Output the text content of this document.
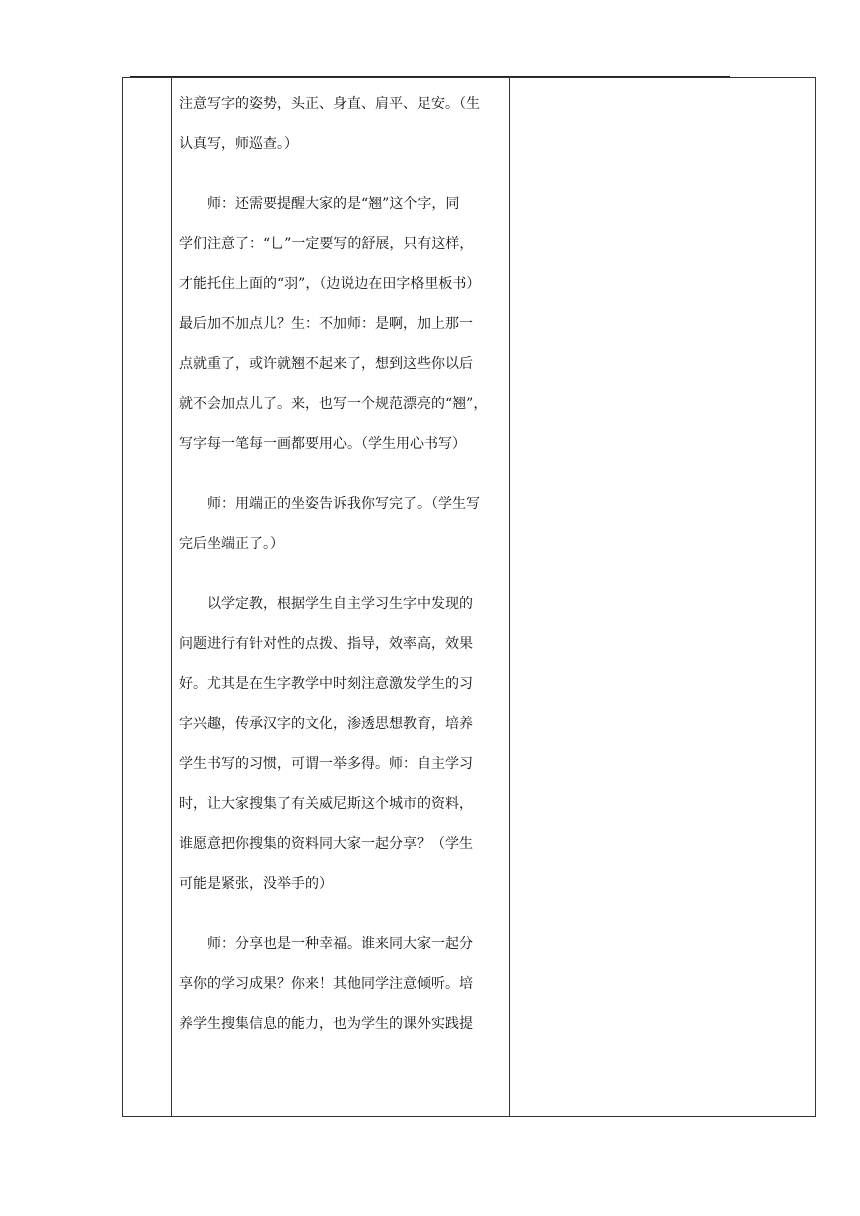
注意写字的姿势，头正、身直、肩平、足安。（生
认真写，师巡查。）

师：还需要提醒大家的是“翘”这个字，同
学们注意了：“乚”一定要写的舒展，只有这样，
才能托住上面的“羽”，（边说边在田字格里板书）
最后加不加点儿？生：不加师：是啊，加上那一
点就重了，或许就翘不起来了，想到这些你以后
就不会加点儿了。来，也写一个规范漂亮的“翘”，
写字每一笔每一画都要用心。（学生用心书写）

师：用端正的坐姿告诉我你写完了。（学生写
完后坐端正了。）

以学定教，根据学生自主学习生字中发现的
问题进行有针对性的点拨、指导，效率高，效果
好。尤其是在生字教学中时刻注意激发学生的习
字兴趣，传承汉字的文化，渗透思想教育，培养
学生书写的习惯，可谓一举多得。师：自主学习
时，让大家搜集了有关威尼斯这个城市的资料，
谁愿意把你搜集的资料同大家一起分享？（学生
可能是紧张，没举手的）

师：分享也是一种幸福。谁来同大家一起分
享你的学习成果？你来！其他同学注意倾听。培
养学生搜集信息的能力，也为学生的课外实践提
